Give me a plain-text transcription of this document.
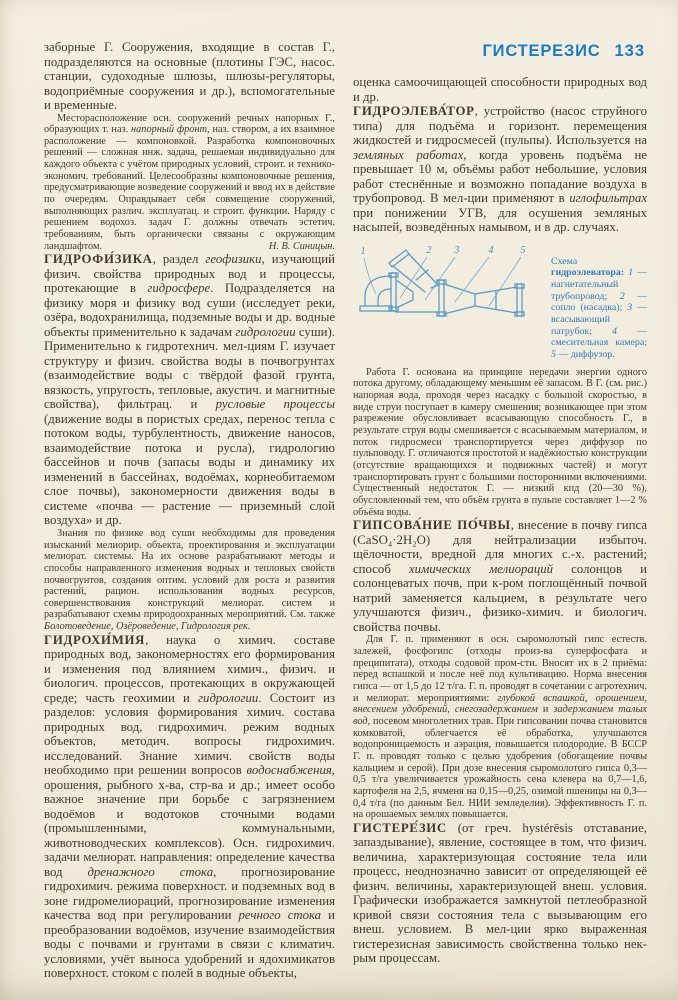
заборные Г. Сооружения, входящие в состав Г., подразделяются на основные (плотины ГЭС, насос. станции, судоходные шлюзы, шлюзы-регуляторы, водоприёмные сооружения и др.), вспомогательные и временные.

Месторасположение осн. сооружений речных напорных Г., образующих т. наз. напорный фронт, наз. створом, а их взаимное расположение — компоновкой. Разработка компоновочных решений — сложная инж. задача, решаемая индивидуально для каждого объекта с учётом природных условий, строит. и технико-экономич. требований. Целесообразны компоновочные решения, предусматривающие возведение сооружений и ввод их в действие по очередям. Оправдывает себя совмещение сооружений, выполняющих различ. эксплуатац. и строит. функции. Наряду с решением водохоз. задач Г. должны отвечать эстетич. требованиям, быть органически связаны с окружающим ландшафтом.	Н. В. Синицын.

ГИДРОФИ́ЗИКА, раздел геофизики, изучающий физич. свойства природных вод и процессы, протекающие в гидросфере. Подразделяется на физику моря и физику вод суши (исследует реки, озёра, водохранилища, подземные воды и др. водные объекты применительно к задачам гидрологии суши). Применительно к гидротехнич. мел-циям Г. изучает структуру и физич. свойства воды в почвогрунтах (взаимодействие воды с твёрдой фазой грунта, вязкость, упругость, тепловые, акустич. и магнитные свойства), фильтрац. и русловые процессы (движение воды в пористых средах, перенос тепла с потоком воды, турбулентность, движение наносов, взаимодействие потока и русла), гидрологию бассейнов и почв (запасы воды и динамику их изменений в бассейнах, водоёмах, корнеобитаемом слое почвы), закономерности движения воды в системе «почва — растение — приземный слой воздуха» и др.

Знания по физике вод суши необходимы для проведения изысканий мелиорир. объекта, проектирования и эксплуатации мелиорат. системы. На их основе разрабатывают методы и способы направленного изменения водных и тепловых свойств почвогрунтов, создания оптим. условий для роста и развития растений, рацион. использования водных ресурсов, совершенствования конструкций мелиорат. систем и разрабатывают схемы природоохранных мероприятий. См. также Болотоведение, Озёроведение, Гидрология рек.

ГИДРОХИ́МИЯ, наука о химич. составе природных вод, закономерностях его формирования и изменения под влиянием химич., физич. и биологич. процессов, протекающих в окружающей среде; часть геохимии и гидрологии. Состоит из разделов: условия формирования химич. состава природных вод, гидрохимич. режим водных объектов, методич. вопросы гидрохимич. исследований. Знание химич. свойств воды необходимо при решении вопросов водоснабжения, орошения, рыбного х-ва, стр-ва и др.; имеет особо важное значение при борьбе с загрязнением водоёмов и водотоков сточными водами (промышленными, коммунальными, животноводческих комплексов). Осн. гидрохимич. задачи мелиорат. направления: определение качества вод дренажного стока, прогнозирование гидрохимич. режима поверхност. и подземных вод в зоне гидромелиораций, прогнозирование изменения качества вод при регулировании речного стока и преобразовании водоёмов, изучение взаимодействия воды с почвами и грунтами в связи с климатич. условиями, учёт выноса удобрений и ядохимикатов поверхност. стоком с полей в водные объекты,

ГИСТЕРЕЗИС 133

оценка самоочищающей способности природных вод и др.

ГИДРОЭЛЕВА́ТОР, устройство (насос струйного типа) для подъёма и горизонт. перемещения жидкостей и гидросмесей (пульпы). Используется на земляных работах, когда уровень подъёма не превышает 10 м, объёмы работ небольшие, условия работ стеснённые и возможно попадание воздуха в трубопровод. В мел-ции применяют в иглофильтрах при понижении УГВ, для осушения земляных насыпей, возведённых намывом, и в др. случаях.

1	2 3	4	5
Схема гидроэлеватора: 1 — нагнетательный трубопровод; 2 — сопло (насадка); 3 — всасывающий патрубок; 4 — смесительная камера; 5 — диффузор.

Работа Г. основана на принципе передачи энергии одного потока другому, обладающему меньшим её запасом. В Г. (см. рис.) напорная вода, проходя через насадку с большой скоростью, в виде струи поступает в камеру смешения; возникающее при этом разрежение обусловливает всасывающую способность Г., в результате струя воды смешивается с всасываемым материалом, и поток гидросмеси транспортируется через диффузор по пульповоду. Г. отличаются простотой и надёжностью конструкции (отсутствие вращающихся и подвижных частей) и могут транспортировать грунт с большими посторонними включениями. Существенный недостаток Г. — низкий кпд (20—30 %), обусловленный тем, что объём грунта в пульпе составляет 1—2 % объёма воды.

ГИПСОВА́НИЕ ПО́ЧВЫ, внесение в почву гипса (CaSO₄·2H₂O) для нейтрализации избыточ. щёлочности, вредной для многих с.-х. растений; способ химических мелиораций солонцов и солонцеватых почв, при к-ром поглощённый почвой натрий заменяется кальцием, в результате чего улучшаются физич., физико-химич. и биологич. свойства почвы.

Для Г. п. применяют в осн. сыромолотый гипс естеств. залежей, фосфогипс (отходы произ-ва суперфосфата и преципитата), отходы содовой пром-сти. Вносят их в 2 приёма: перед вспашкой и после неё под культивацию. Норма внесения гипса — от 1,5 до 12 т/га. Г. п. проводят в сочетании с агротехнич. и мелиорат. мероприятиями: глубокой вспашкой, орошением, внесением удобрений, снегозадержанием и задержанием талых вод, посевом многолетних трав. При гипсовании почва становится комковатой, облегчается её обработка, улучшаются водопроницаемость и аэрация, повышается плодородие. В БССР Г. п. проводят только с целью удобрения (обогащение почвы кальцием и серой). При дозе внесения сыромолотого гипса 0,3—0,5 т/га увеличивается урожайность сена клевера на 0,7—1,6, картофеля на 2,5, ячменя на 0,15—0,25, озимой пшеницы на 0,3—0,4 т/га (по данным Бел. НИИ земледелия). Эффективность Г. п. на орошаемых землях повышается.

ГИСТЕРЕ́ЗИС (от греч. hystérēsis отставание, запаздывание), явление, состоящее в том, что физич. величина, характеризующая состояние тела или процесс, неоднозначно зависит от определяющей её физич. величины, характеризующей внеш. условия. Графически изображается замкнутой петлеобразной кривой связи состояния тела с вызывающим его внеш. условием. В мел-ции ярко выраженная гистерезисная зависимость свойственна только нек-рым процессам.
